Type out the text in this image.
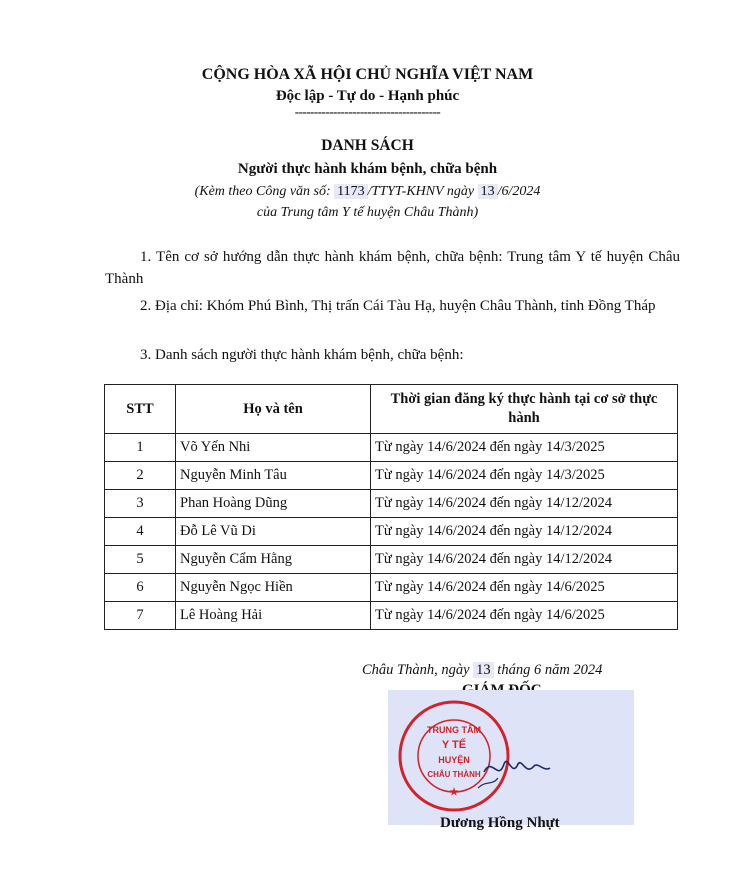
CỘNG HÒA XÃ HỘI CHỦ NGHĨA VIỆT NAM
Độc lập - Tự do - Hạnh phúc
--------------------------------------
DANH SÁCH
Người thực hành khám bệnh, chữa bệnh
(Kèm theo Công văn số: 1173 /TTYT-KHNV ngày 13 /6/2024
của Trung tâm Y tế huyện Châu Thành)
1. Tên cơ sở hướng dẫn thực hành khám bệnh, chữa bệnh: Trung tâm Y tế huyện Châu Thành
2. Địa chỉ: Khóm Phú Bình, Thị trấn Cái Tàu Hạ, huyện Châu Thành, tỉnh Đồng Tháp
3. Danh sách người thực hành khám bệnh, chữa bệnh:
STT	Họ và tên	Thời gian đăng ký thực hành tại cơ sở thực hành
1	Võ Yến Nhi	Từ ngày 14/6/2024 đến ngày 14/3/2025
2	Nguyễn Minh Tâu	Từ ngày 14/6/2024 đến ngày 14/3/2025
3	Phan Hoàng Dũng	Từ ngày 14/6/2024 đến ngày 14/12/2024
4	Đỗ Lê Vũ Di	Từ ngày 14/6/2024 đến ngày 14/12/2024
5	Nguyễn Cẩm Hằng	Từ ngày 14/6/2024 đến ngày 14/12/2024
6	Nguyễn Ngọc Hiền	Từ ngày 14/6/2024 đến ngày 14/6/2025
7	Lê Hoàng Hải	Từ ngày 14/6/2024 đến ngày 14/6/2025
Châu Thành, ngày 13 tháng 6 năm 2024
TRUNG TÂM
Y TẾ
HUYỆN
CHÂU THÀNH
★
Dương Hồng Nhựt
